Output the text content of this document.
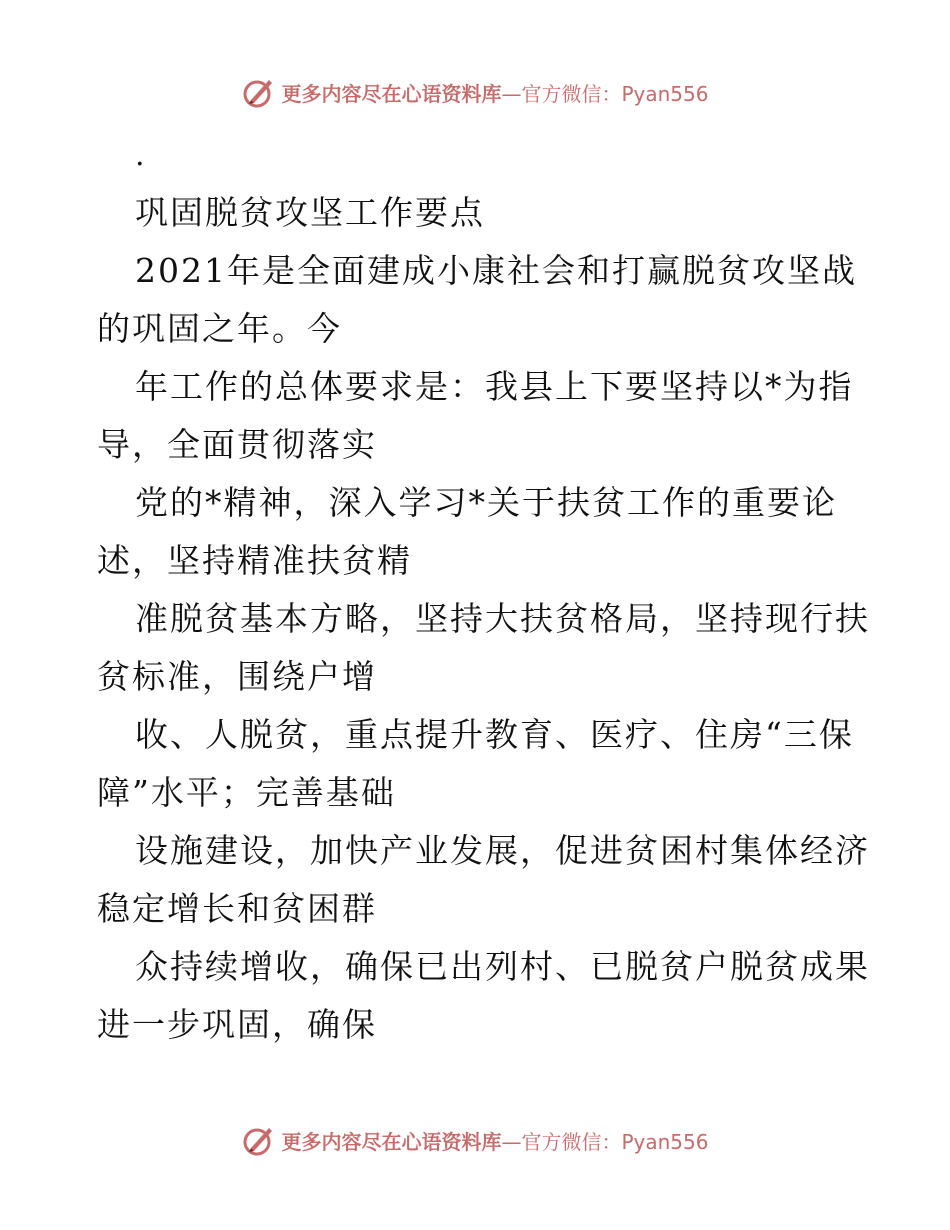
更多内容尽在心语资料库 —官方微信：Pyan556
.
巩固脱贫攻坚工作要点

2021年是全面建成小康社会和打赢脱贫攻坚战
的巩固之年。今

年工作的总体要求是：我县上下要坚持以*为指
导，全面贯彻落实

党的*精神，深入学习*关于扶贫工作的重要论
述，坚持精准扶贫精

准脱贫基本方略，坚持大扶贫格局，坚持现行扶
贫标准，围绕户增

收、人脱贫，重点提升教育、医疗、住房“三保
障”水平；完善基础

设施建设，加快产业发展，促进贫困村集体经济
稳定增长和贫困群

众持续增收，确保已出列村、已脱贫户脱贫成果
进一步巩固，确保

更多内容尽在心语资料库 —官方微信：Pyan556
